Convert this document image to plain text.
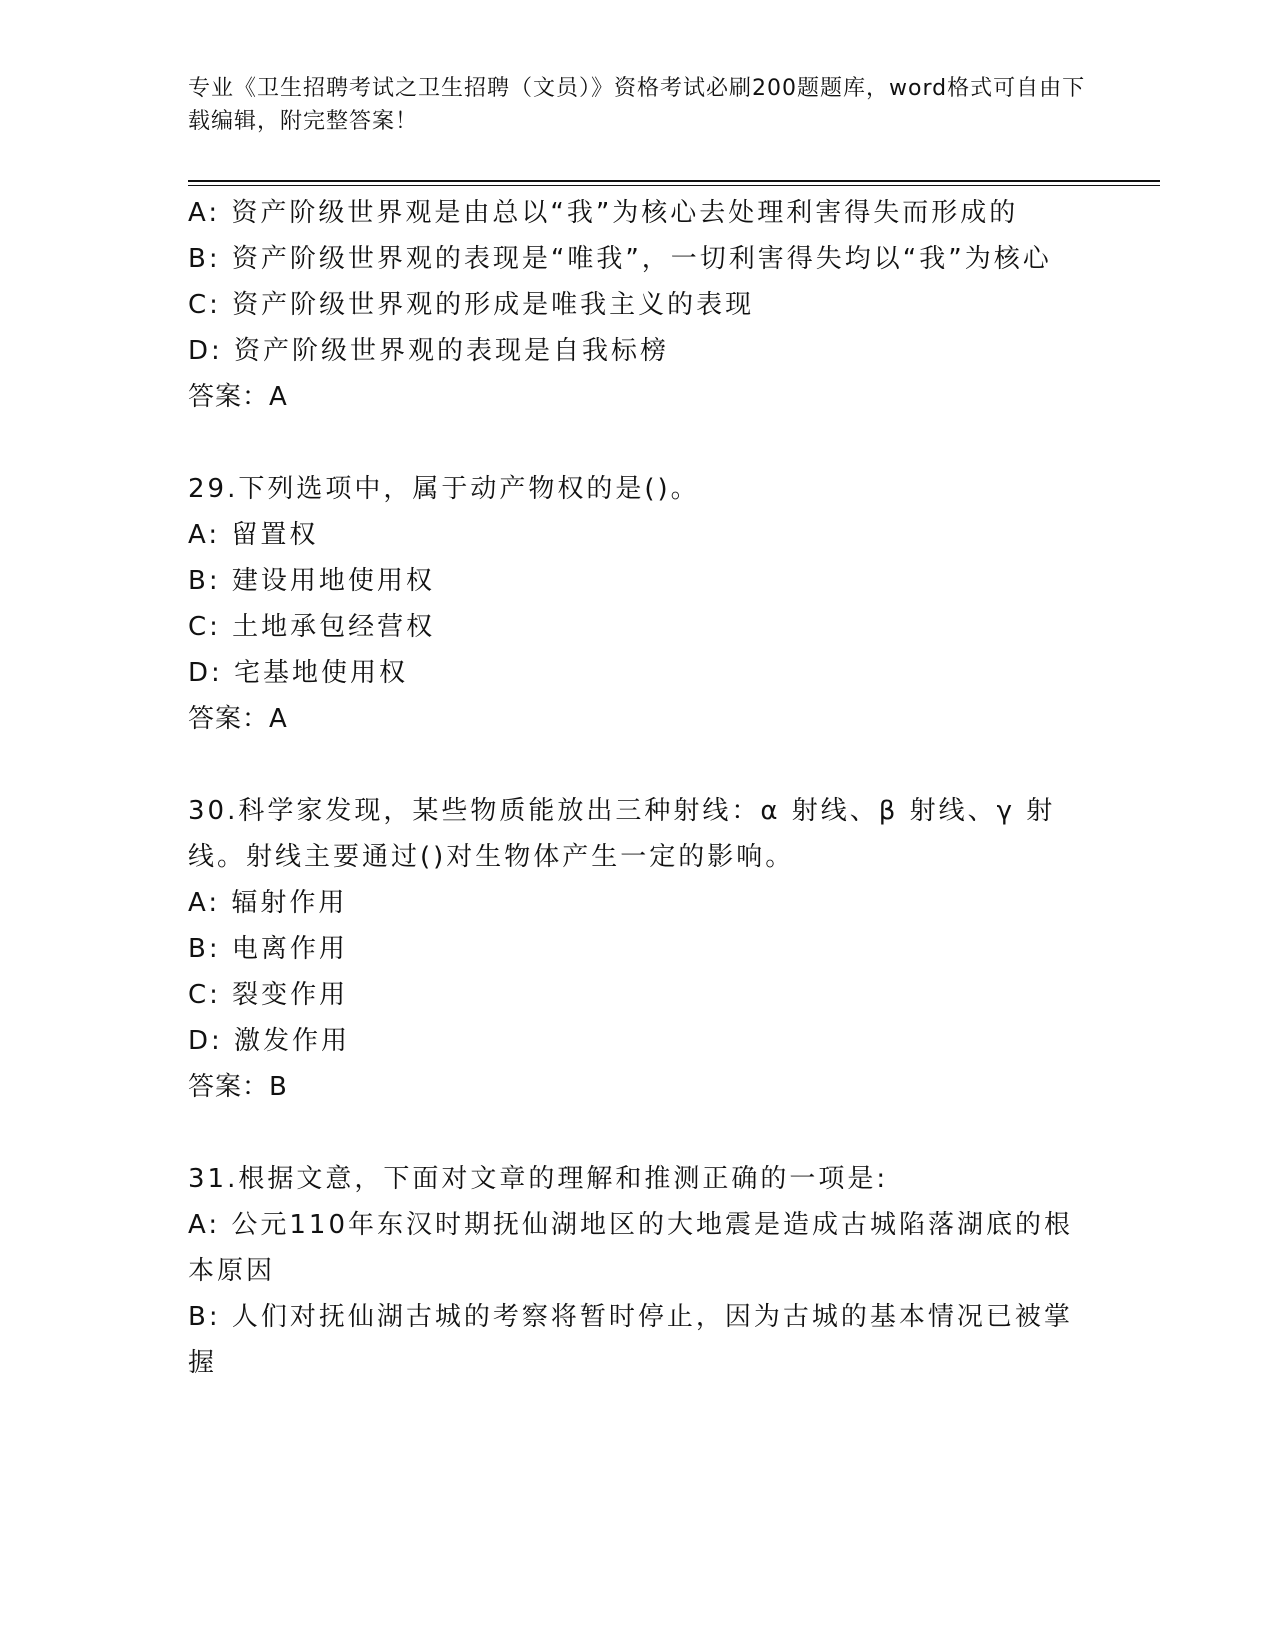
专业《卫生招聘考试之卫生招聘（文员）》资格考试必刷200题题库，word格式可自由下载编辑，附完整答案！
A: 资产阶级世界观是由总以“我”为核心去处理利害得失而形成的
B: 资产阶级世界观的表现是“唯我”，一切利害得失均以“我”为核心
C: 资产阶级世界观的形成是唯我主义的表现
D: 资产阶级世界观的表现是自我标榜
答案：A
29.下列选项中，属于动产物权的是()。
A: 留置权
B: 建设用地使用权
C: 土地承包经营权
D: 宅基地使用权
答案：A
30.科学家发现，某些物质能放出三种射线：α 射线、β 射线、γ 射线。射线主要通过()对生物体产生一定的影响。
A: 辐射作用
B: 电离作用
C: 裂变作用
D: 激发作用
答案：B
31.根据文意，下面对文章的理解和推测正确的一项是:
A: 公元110年东汉时期抚仙湖地区的大地震是造成古城陷落湖底的根本原因
B: 人们对抚仙湖古城的考察将暂时停止，因为古城的基本情况已被掌握
